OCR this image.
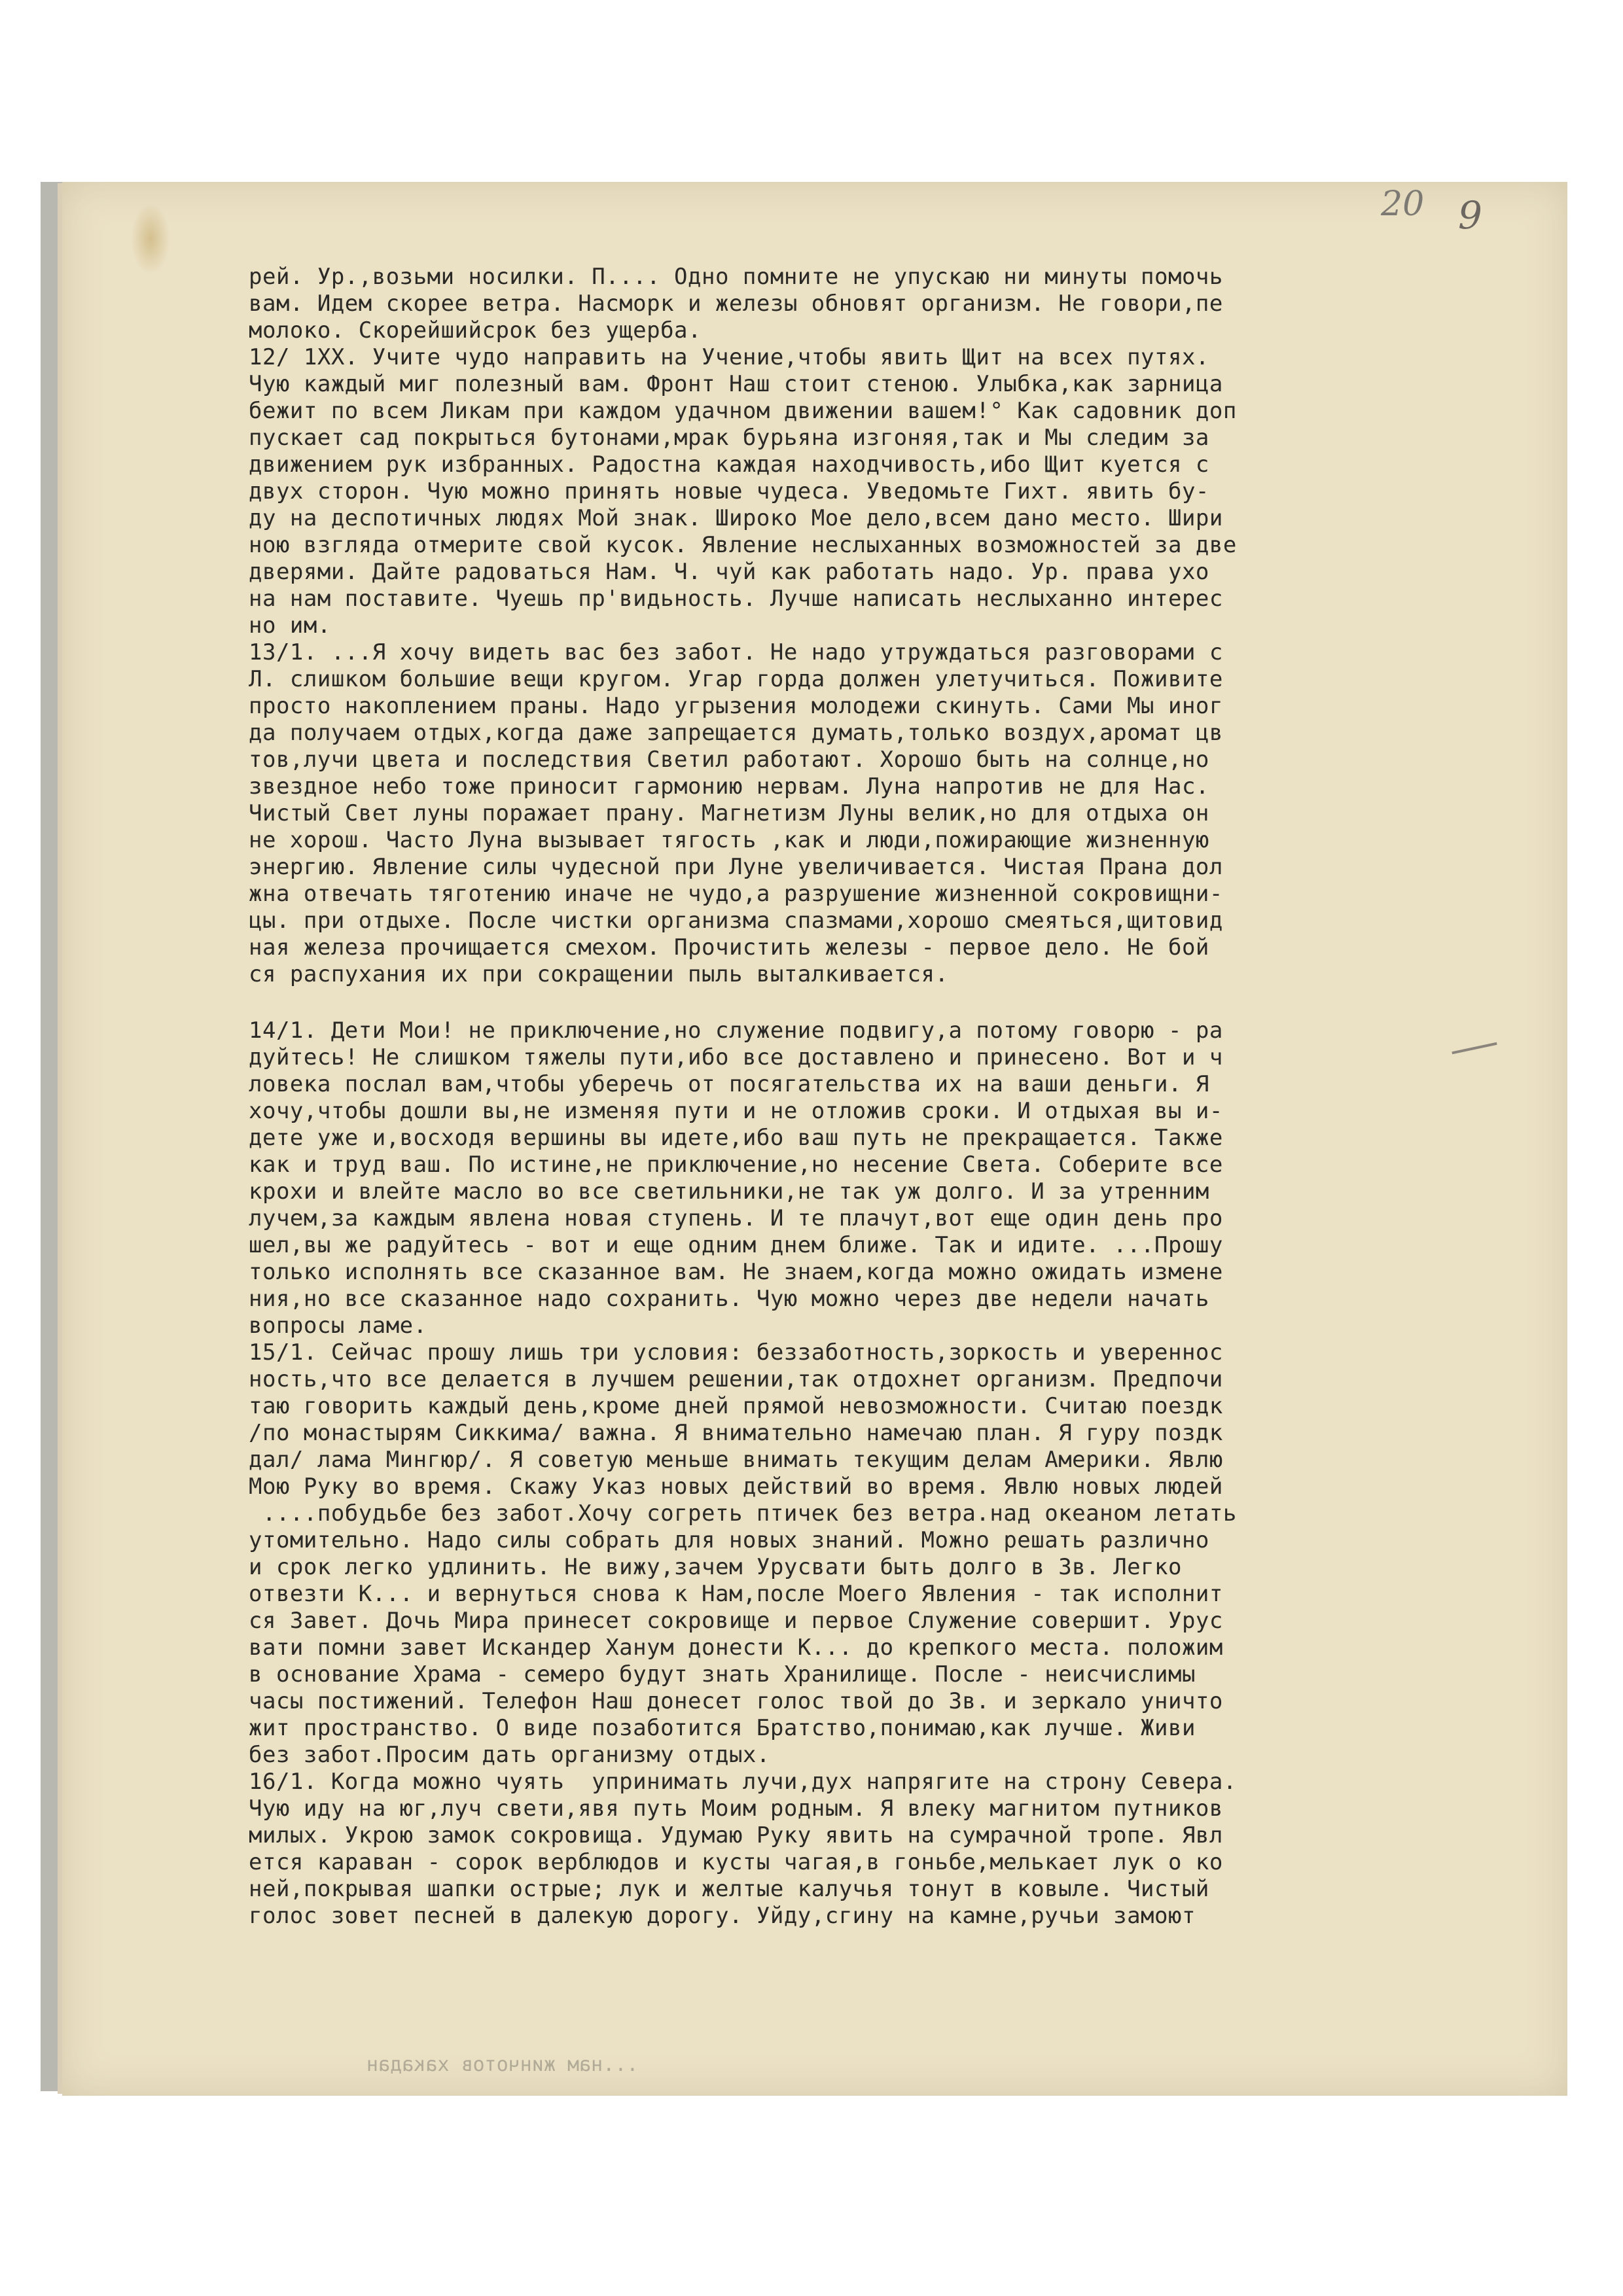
20 9
рей. Ур.,возьми носилки. П.... Одно помните не упускаю ни минуты помочь
вам. Идем скорее ветра. Насморк и железы обновят организм. Не говори,пе
молоко. Скорейшийсрок без ущерба.
12/ 1ХХ. Учите чудо направить на Учение,чтобы явить Щит на всех путях.
Чую каждый миг полезный вам. Фронт Наш стоит стеною. Улыбка,как зарница
бежит по всем Ликам при каждом удачном движении вашем!° Как садовник доп
пускает сад покрыться бутонами,мрак бурьяна изгоняя,так и Мы следим за
движением рук избранных. Радостна каждая находчивость,ибо Щит куется с
двух сторон. Чую можно принять новые чудеса. Уведомьте Гихт. явить бу-
ду на деспотичных людях Мой знак. Широко Мое дело,всем дано место. Шири
ною взгляда отмерите свой кусок. Явление неслыханных возможностей за две
дверями. Дайте радоваться Нам. Ч. чуй как работать надо. Ур. права ухо
на нам поставите. Чуешь пр'видьность. Лучше написать неслыханно интерес
но им.
13/1. ...Я хочу видеть вас без забот. Не надо утруждаться разговорами с
Л. слишком большие вещи кругом. Угар горда должен улетучиться. Поживите
просто накоплением праны. Надо угрызения молодежи скинуть. Сами Мы иног
да получаем отдых,когда даже запрещается думать,только воздух,аромат цв
тов,лучи цвета и последствия Светил работают. Хорошо быть на солнце,но
звездное небо тоже приносит гармонию нервам. Луна напротив не для Нас.
Чистый Свет луны поражает прану. Магнетизм Луны велик,но для отдыха он
не хорош. Часто Луна вызывает тягость ,как и люди,пожирающие жизненную
энергию. Явление силы чудесной при Луне увеличивается. Чистая Прана дол
жна отвечать тяготению иначе не чудо,а разрушение жизненной сокровищни-
цы. при отдыхе. После чистки организма спазмами,хорошо смеяться,щитовид
ная железа прочищается смехом. Прочистить железы - первое дело. Не бой
ся распухания их при сокращении пыль выталкивается.
14/1. Дети Мои! не приключение,но служение подвигу,а потому говорю - ра
дуйтесь! Не слишком тяжелы пути,ибо все доставлено и принесено. Вот и ч
ловека послал вам,чтобы уберечь от посягательства их на ваши деньги. Я
хочу,чтобы дошли вы,не изменяя пути и не отложив сроки. И отдыхая вы и-
дете уже и,восходя вершины вы идете,ибо ваш путь не прекращается. Также
как и труд ваш. По истине,не приключение,но несение Света. Соберите все
крохи и влейте масло во все светильники,не так уж долго. И за утренним
лучем,за каждым явлена новая ступень. И те плачут,вот еще один день про
шел,вы же радуйтесь - вот и еще одним днем ближе. Так и идите. ...Прошу
только исполнять все сказанное вам. Не знаем,когда можно ожидать измене
ния,но все сказанное надо сохранить. Чую можно через две недели начать
вопросы ламе.
15/1. Сейчас прошу лишь три условия: беззаботность,зоркость и увереннос
ность,что все делается в лучшем решении,так отдохнет организм. Предпочи
таю говорить каждый день,кроме дней прямой невозможности. Считаю поездк
/по монастырям Сиккима/ важна. Я внимательно намечаю план. Я гуру поздк
дал/ лама Мингюр/. Я советую меньше внимать текущим делам Америки. Явлю
Мою Руку во время. Скажу Указ новых действий во время. Явлю новых людей
....побудьбе без забот.Хочу согреть птичек без ветра.над океаном летать
утомительно. Надо силы собрать для новых знаний. Можно решать различно
и срок легко удлинить. Не вижу,зачем Урусвати быть долго в Зв. Легко
отвезти К... и вернуться снова к Нам,после Моего Явления - так исполнит
ся Завет. Дочь Мира принесет сокровище и первое Служение совершит. Урус
вати помни завет Искандер Ханум донести К... до крепкого места. положим
в основание Храма - семеро будут знать Хранилище. После - неисчислимы
часы постижений. Телефон Наш донесет голос твой до Зв. и зеркало уничто
жит пространство. О виде позаботится Братство,понимаю,как лучше. Живи
без забот.Просим дать организму отдых.
16/1. Когда можно чуять  упринимать лучи,дух напрягите на строну Севера.
Чую иду на юг,луч свети,явя путь Моим родным. Я влеку магнитом путников
милых. Укрою замок сокровища. Удумаю Руку явить на сумрачной тропе. Явл
ется караван - сорок верблюдов и кусты чагая,в гоньбе,мелькает лук о ко
ней,покрывая шапки острые; лук и желтые калучья тонут в ковыле. Чистый
голос зовет песней в далекую дорогу. Уйду,сгину на камне,ручьи замоют
...нам жинчотов хакадан
